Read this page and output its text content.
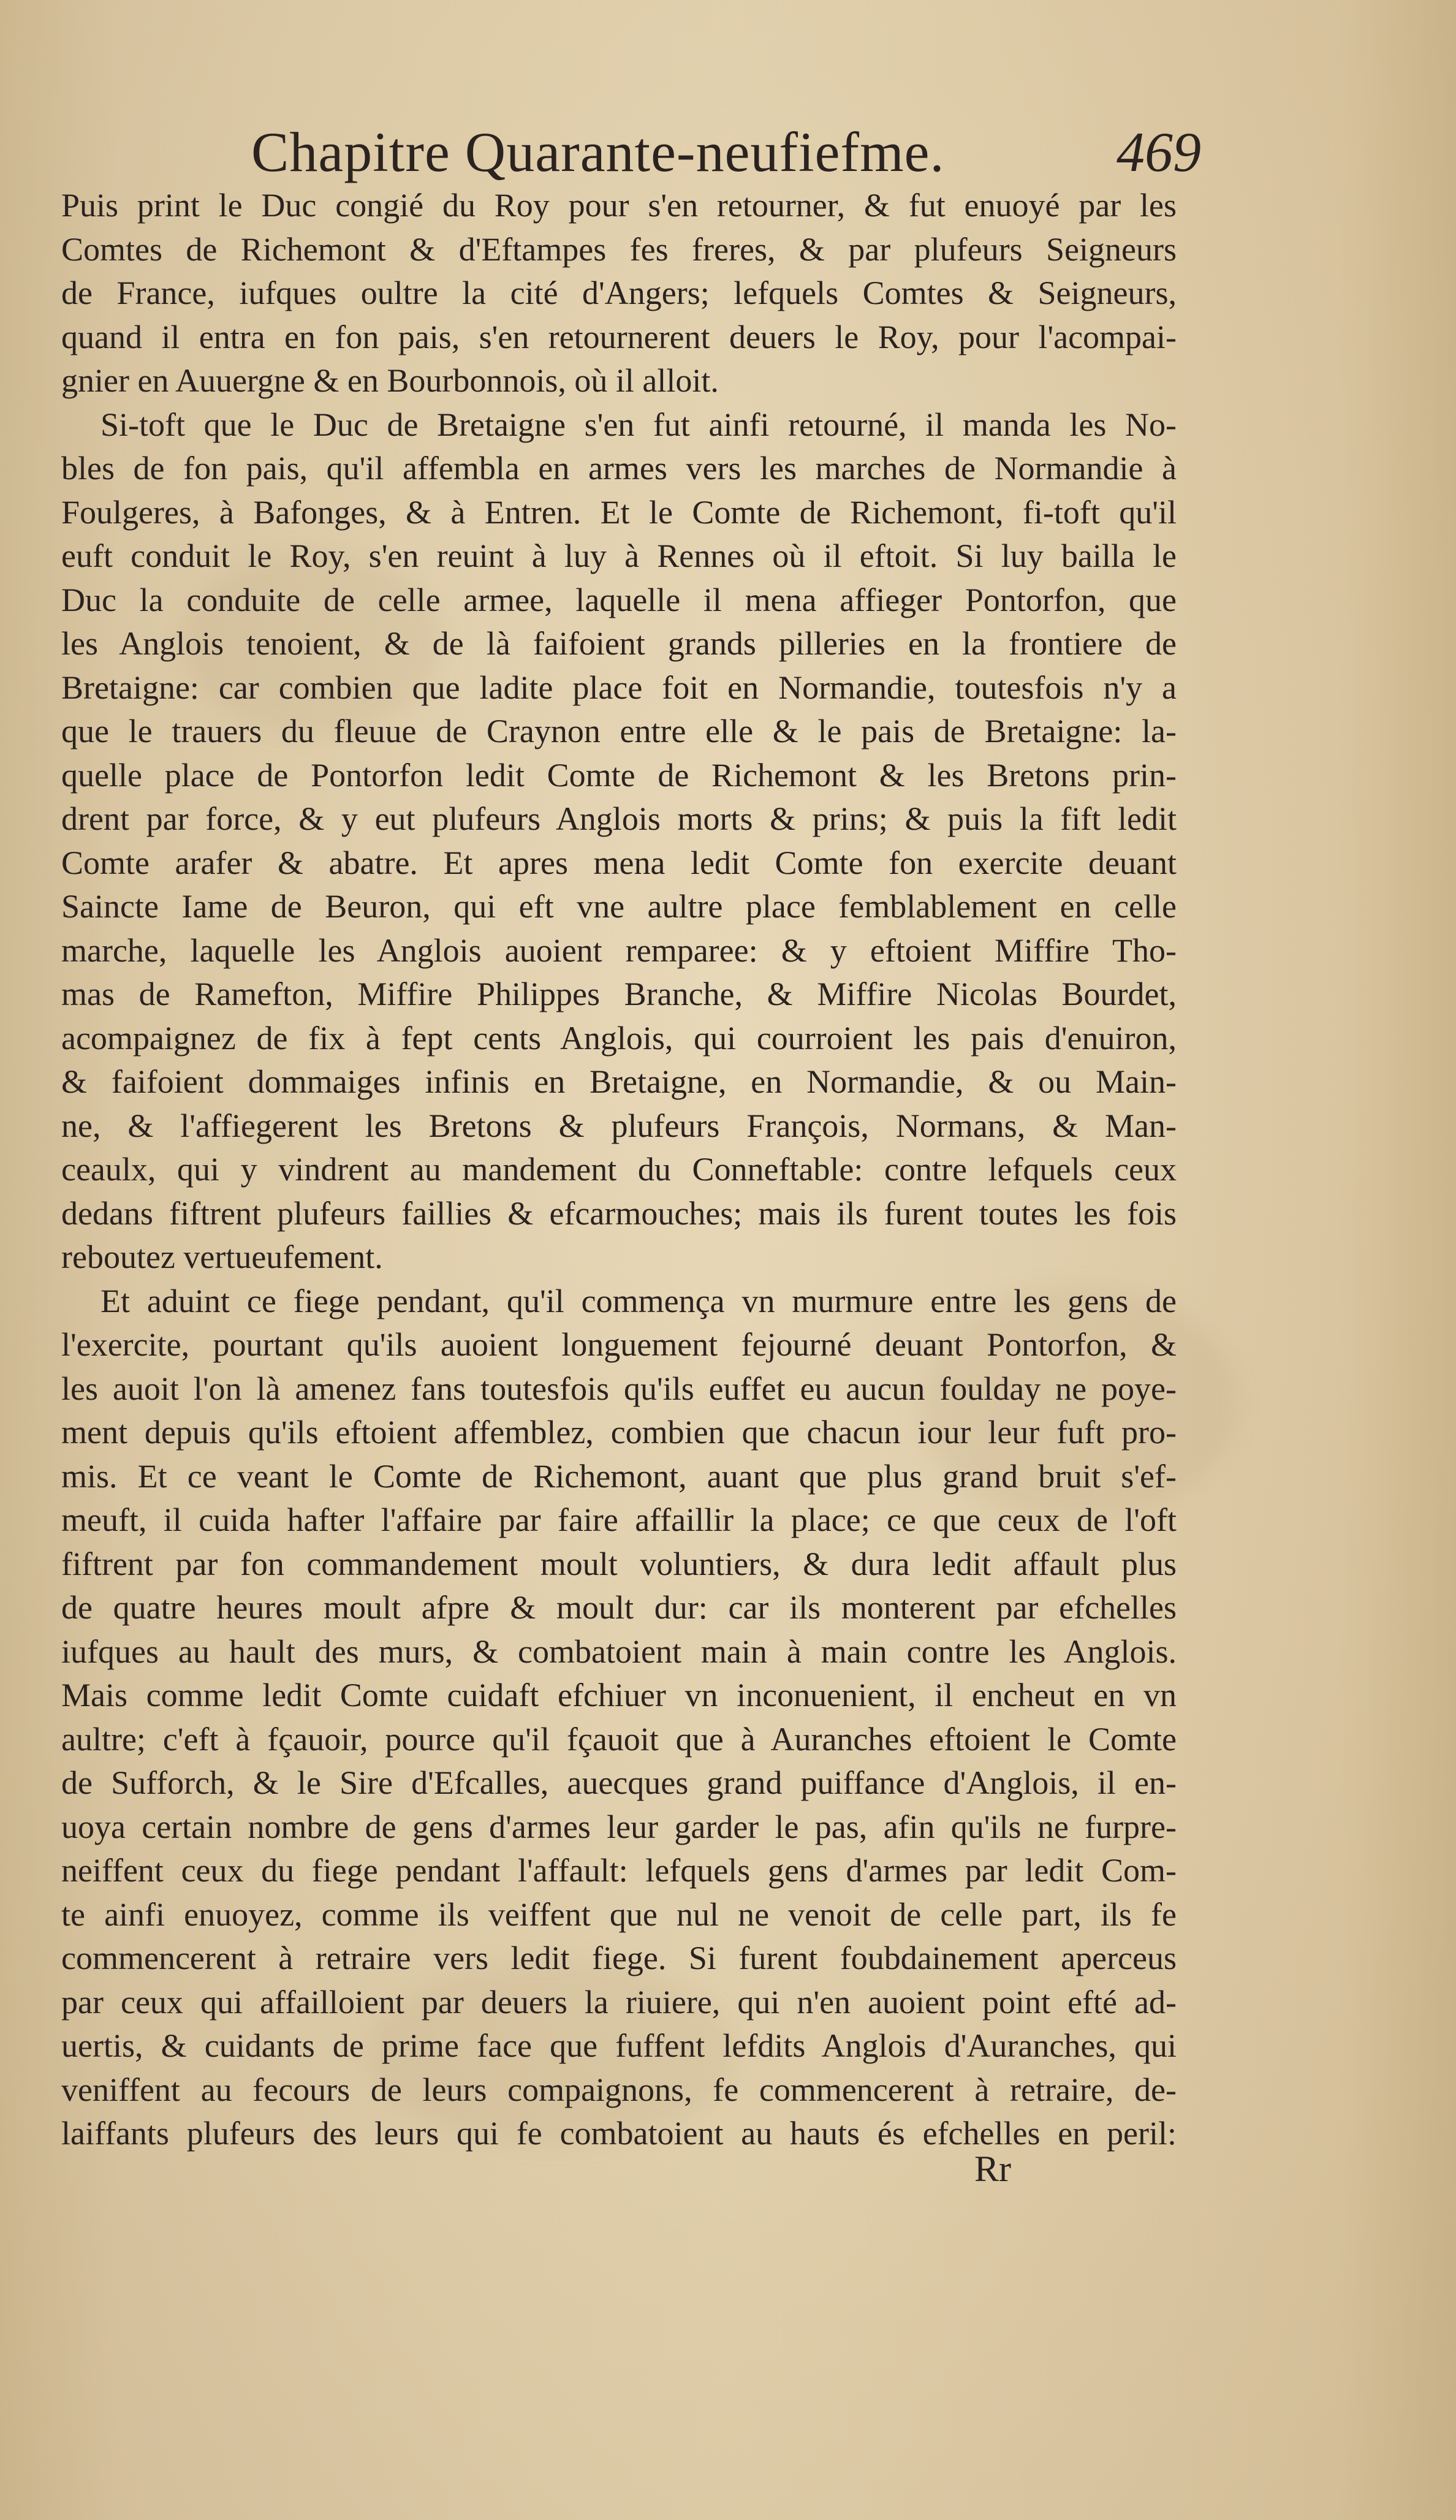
Chapitre Quarante-neufiefme.	469
Puis print le Duc congié du Roy pour s'en retourner, & fut enuoyé par les
Comtes de Richemont & d'Eftampes fes freres, & par plufeurs Seigneurs
de France, iufques oultre la cité d'Angers; lefquels Comtes & Seigneurs,
quand il entra en fon pais, s'en retournerent deuers le Roy, pour l'acompai-
gnier en Auuergne & en Bourbonnois, où il alloit.
Si-toft que le Duc de Bretaigne s'en fut ainfi retourné, il manda les No-
bles de fon pais, qu'il affembla en armes vers les marches de Normandie à
Foulgeres, à Bafonges, & à Entren. Et le Comte de Richemont, fi-toft qu'il
euft conduit le Roy, s'en reuint à luy à Rennes où il eftoit. Si luy bailla le
Duc la conduite de celle armee, laquelle il mena affieger Pontorfon, que
les Anglois tenoient, & de là faifoient grands pilleries en la frontiere de
Bretaigne: car combien que ladite place foit en Normandie, toutesfois n'y a
que le trauers du fleuue de Craynon entre elle & le pais de Bretaigne: la-
quelle place de Pontorfon ledit Comte de Richemont & les Bretons prin-
drent par force, & y eut plufeurs Anglois morts & prins; & puis la fift ledit
Comte arafer & abatre. Et apres mena ledit Comte fon exercite deuant
Saincte Iame de Beuron, qui eft vne aultre place femblablement en celle
marche, laquelle les Anglois auoient remparee: & y eftoient Miffire Tho-
mas de Ramefton, Miffire Philippes Branche, & Miffire Nicolas Bourdet,
acompaignez de fix à fept cents Anglois, qui courroient les pais d'enuiron,
& faifoient dommaiges infinis en Bretaigne, en Normandie, & ou Main-
ne, & l'affiegerent les Bretons & plufeurs François, Normans, & Man-
ceaulx, qui y vindrent au mandement du Conneftable: contre lefquels ceux
dedans fiftrent plufeurs faillies & efcarmouches; mais ils furent toutes les fois
reboutez vertueufement.
Et aduint ce fiege pendant, qu'il commença vn murmure entre les gens de
l'exercite, pourtant qu'ils auoient longuement fejourné deuant Pontorfon, &
les auoit l'on là amenez fans toutesfois qu'ils euffet eu aucun foulday ne poye-
ment depuis qu'ils eftoient affemblez, combien que chacun iour leur fuft pro-
mis. Et ce veant le Comte de Richemont, auant que plus grand bruit s'ef-
meuft, il cuida hafter l'affaire par faire affaillir la place; ce que ceux de l'oft
fiftrent par fon commandement moult voluntiers, & dura ledit affault plus
de quatre heures moult afpre & moult dur: car ils monterent par efchelles
iufques au hault des murs, & combatoient main à main contre les Anglois.
Mais comme ledit Comte cuidaft efchiuer vn inconuenient, il encheut en vn
aultre; c'eft à fçauoir, pource qu'il fçauoit que à Auranches eftoient le Comte
de Sufforch, & le Sire d'Efcalles, auecques grand puiffance d'Anglois, il en-
uoya certain nombre de gens d'armes leur garder le pas, afin qu'ils ne furpre-
neiffent ceux du fiege pendant l'affault: lefquels gens d'armes par ledit Com-
te ainfi enuoyez, comme ils veiffent que nul ne venoit de celle part, ils fe
commencerent à retraire vers ledit fiege. Si furent foubdainement aperceus
par ceux qui affailloient par deuers la riuiere, qui n'en auoient point efté ad-
uertis, & cuidants de prime face que fuffent lefdits Anglois d'Auranches, qui
veniffent au fecours de leurs compaignons, fe commencerent à retraire, de-
laiffants plufeurs des leurs qui fe combatoient au hauts és efchelles en peril:
Rr
